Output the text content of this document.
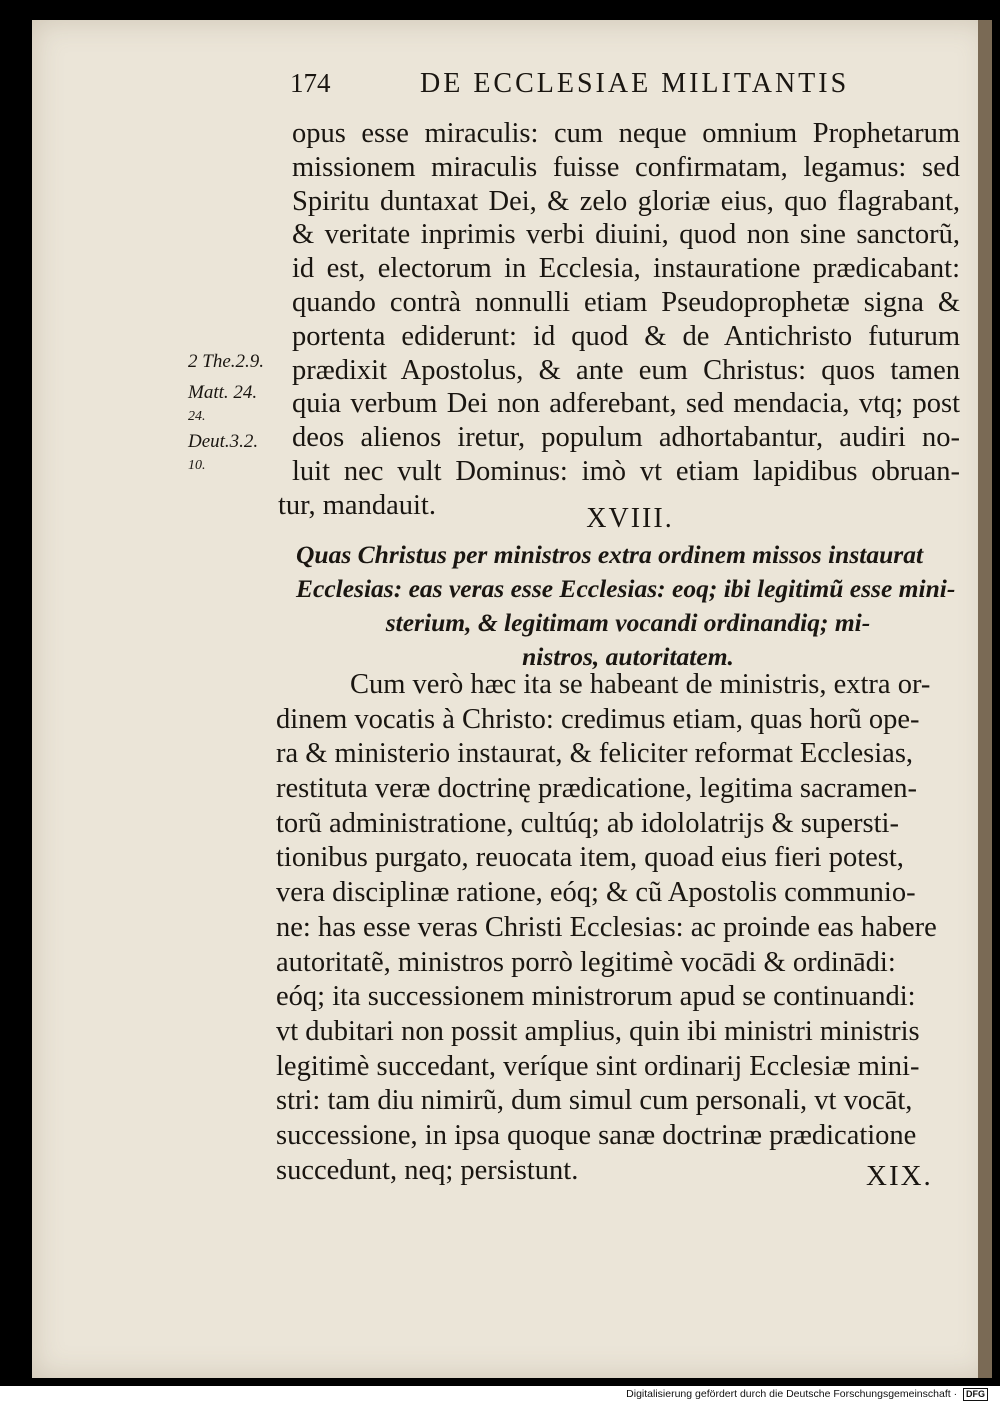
174	DE ECCLESIAE MILITANTIS
opus esse miraculis: cum neque omnium Prophetarum
missionem miraculis fuisse confirmatam, legamus: sed
Spiritu duntaxat Dei, & zelo gloriæ eius, quo flagrabant,
& veritate inprimis verbi diuini, quod non sine sanctorũ,
id est, electorum in Ecclesia, instauratione prædicabant:
quando contrà nonnulli etiam Pseudoprophetæ signa &
portenta ediderunt: id quod & de Antichristo futurum
prædixit Apostolus, & ante eum Christus: quos tamen
quia verbum Dei non adferebant, sed mendacia, vtq; post
deos alienos iretur, populum adhortabantur, audiri no-
luit nec vult Dominus: imò vt etiam lapidibus obruan-
tur, mandauit.
2 The.2.9.
Matt. 24.
24.
Deut.3.2.
10.
XVIII.
Quas Christus per ministros extra ordinem missos instaurat
Ecclesias: eas veras esse Ecclesias: eoq; ibi legitimũ esse mini-
sterium, & legitimam vocandi ordinandiq; mi-
nistros, autoritatem.
Cum verò hæc ita se habeant de ministris, extra or-
dinem vocatis à Christo: credimus etiam, quas horũ ope-
ra & ministerio instaurat, & feliciter reformat Ecclesias,
restituta veræ doctrinę prædicatione, legitima sacramen-
torũ administratione, cultúq; ab idololatrijs & supersti-
tionibus purgato, reuocata item, quoad eius fieri potest,
vera disciplinæ ratione, eóq; & cũ Apostolis communio-
ne: has esse veras Christi Ecclesias: ac proinde eas habere
autoritatẽ, ministros porrò legitimè vocādi & ordinādi:
eóq; ita successionem ministrorum apud se continuandi:
vt dubitari non possit amplius, quin ibi ministri ministris
legitimè succedant, veríque sint ordinarij Ecclesiæ mini-
stri: tam diu nimirũ, dum simul cum personali, vt vocāt,
successione, in ipsa quoque sanæ doctrinæ prædicatione
succedunt, neq; persistunt.	XIX.
Digitalisierung gefördert durch die Deutsche Forschungsgemeinschaft · DFG
